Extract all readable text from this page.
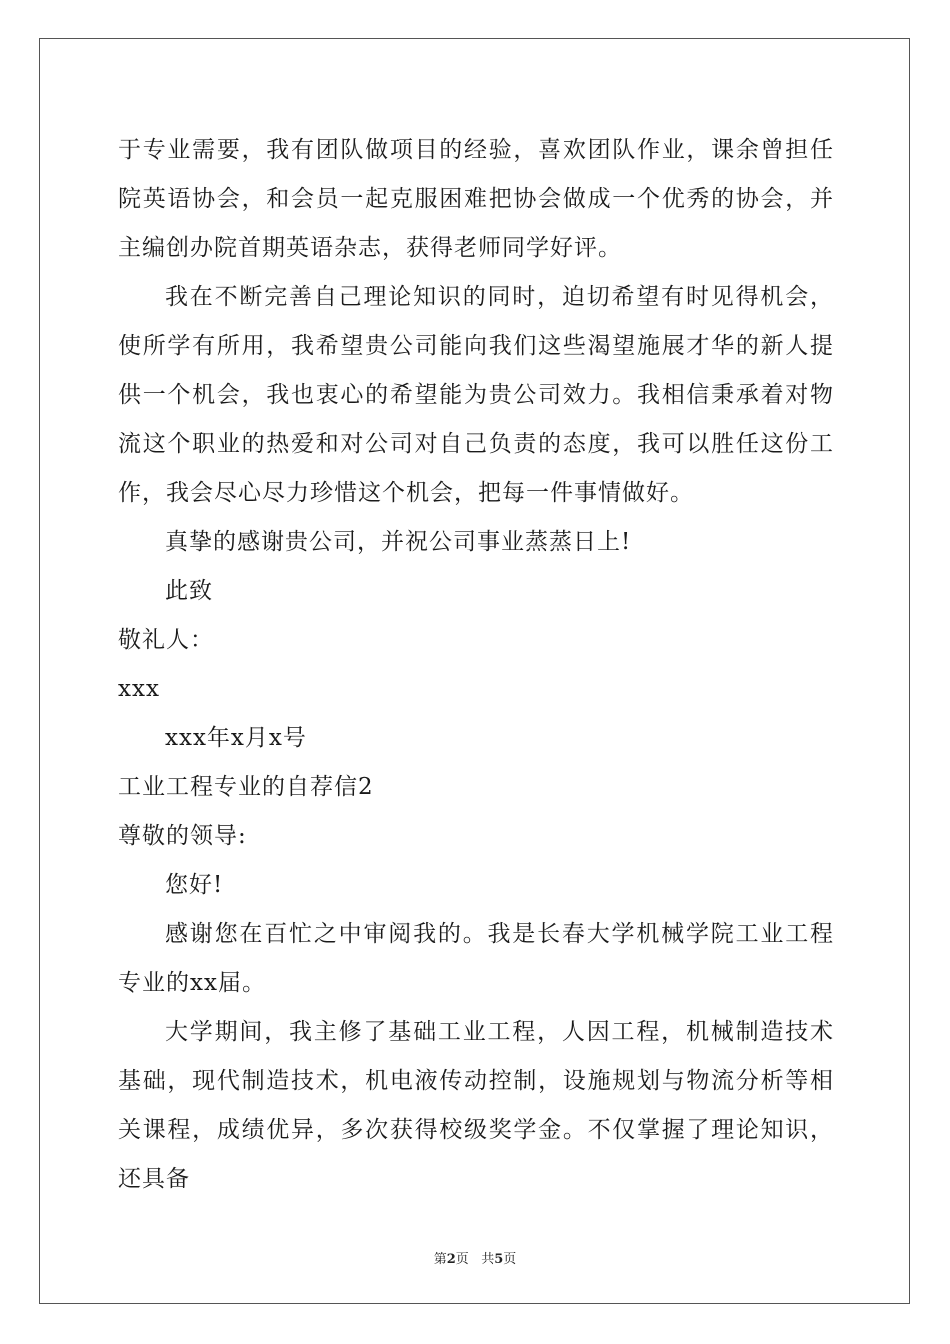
于专业需要，我有团队做项目的经验，喜欢团队作业，课余曾担任院英语协会，和会员一起克服困难把协会做成一个优秀的协会，并主编创办院首期英语杂志，获得老师同学好评。

我在不断完善自己理论知识的同时，迫切希望有时见得机会，使所学有所用，我希望贵公司能向我们这些渴望施展才华的新人提供一个机会，我也衷心的希望能为贵公司效力。我相信秉承着对物流这个职业的热爱和对公司对自己负责的态度，我可以胜任这份工作，我会尽心尽力珍惜这个机会，把每一件事情做好。

真挚的感谢贵公司，并祝公司事业蒸蒸日上!

此致

敬礼人：

xxx

xxx年x月x号

工业工程专业的自荐信2

尊敬的领导:

您好!

感谢您在百忙之中审阅我的。我是长春大学机械学院工业工程专业的xx届。

大学期间，我主修了基础工业工程，人因工程，机械制造技术基础，现代制造技术，机电液传动控制，设施规划与物流分析等相关课程，成绩优异，多次获得校级奖学金。不仅掌握了理论知识，还具备

第2页 共5页
